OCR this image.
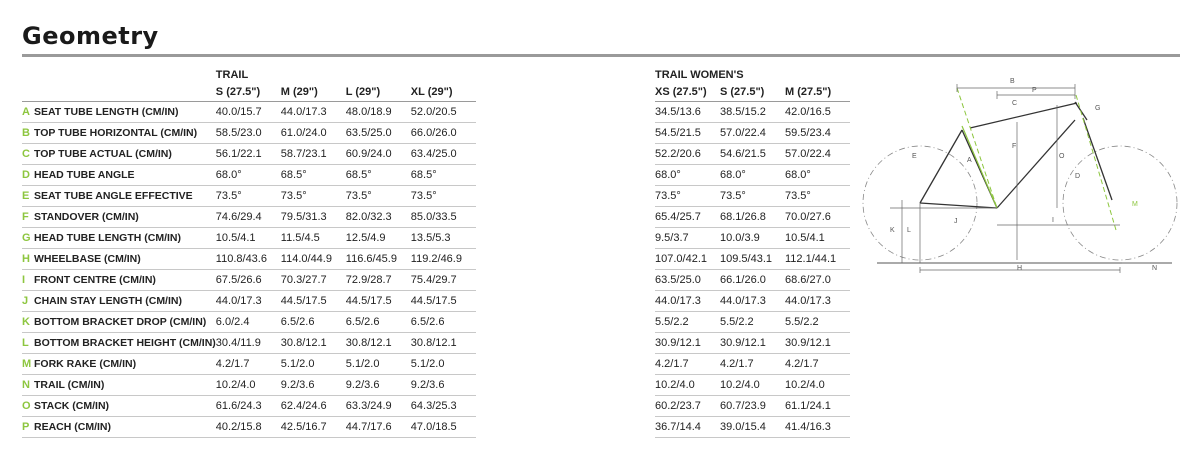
Geometry
		TRAIL			
		S (27.5")	M (29")	L (29")	XL (29")
A	SEAT TUBE LENGTH (CM/IN)	40.0/15.7	44.0/17.3	48.0/18.9	52.0/20.5
B	TOP TUBE HORIZONTAL (CM/IN)	58.5/23.0	61.0/24.0	63.5/25.0	66.0/26.0
C	TOP TUBE ACTUAL (CM/IN)	56.1/22.1	58.7/23.1	60.9/24.0	63.4/25.0
D	HEAD TUBE ANGLE	68.0°	68.5°	68.5°	68.5°
E	SEAT TUBE ANGLE EFFECTIVE	73.5°	73.5°	73.5°	73.5°
F	STANDOVER (CM/IN)	74.6/29.4	79.5/31.3	82.0/32.3	85.0/33.5
G	HEAD TUBE LENGTH (CM/IN)	10.5/4.1	11.5/4.5	12.5/4.9	13.5/5.3
H	WHEELBASE (CM/IN)	110.8/43.6	114.0/44.9	116.6/45.9	119.2/46.9
I	FRONT CENTRE (CM/IN)	67.5/26.6	70.3/27.7	72.9/28.7	75.4/29.7
J	CHAIN STAY LENGTH (CM/IN)	44.0/17.3	44.5/17.5	44.5/17.5	44.5/17.5
K	BOTTOM BRACKET DROP (CM/IN)	6.0/2.4	6.5/2.6	6.5/2.6	6.5/2.6
L	BOTTOM BRACKET HEIGHT (CM/IN)	30.4/11.9	30.8/12.1	30.8/12.1	30.8/12.1
M	FORK RAKE (CM/IN)	4.2/1.7	5.1/2.0	5.1/2.0	5.1/2.0
N	TRAIL (CM/IN)	10.2/4.0	9.2/3.6	9.2/3.6	9.2/3.6
O	STACK (CM/IN)	61.6/24.3	62.4/24.6	63.3/24.9	64.3/25.3
P	REACH (CM/IN)	40.2/15.8	42.5/16.7	44.7/17.6	47.0/18.5
TRAIL WOMEN'S		
XS (27.5")	S (27.5")	M (27.5")
34.5/13.6	38.5/15.2	42.0/16.5
54.5/21.5	57.0/22.4	59.5/23.4
52.2/20.6	54.6/21.5	57.0/22.4
68.0°	68.0°	68.0°
73.5°	73.5°	73.5°
65.4/25.7	68.1/26.8	70.0/27.6
9.5/3.7	10.0/3.9	10.5/4.1
107.0/42.1	109.5/43.1	112.1/44.1
63.5/25.0	66.1/26.0	68.6/27.0
44.0/17.3	44.0/17.3	44.0/17.3
5.5/2.2	5.5/2.2	5.5/2.2
30.9/12.1	30.9/12.1	30.9/12.1
4.2/1.7	4.2/1.7	4.2/1.7
10.2/4.0	10.2/4.0	10.2/4.0
60.2/23.7	60.7/23.9	61.1/24.1
36.7/14.4	39.0/15.4	41.4/16.3
B
P
C
G
O
D
E
A
F
J	I
H
K L
M
N
